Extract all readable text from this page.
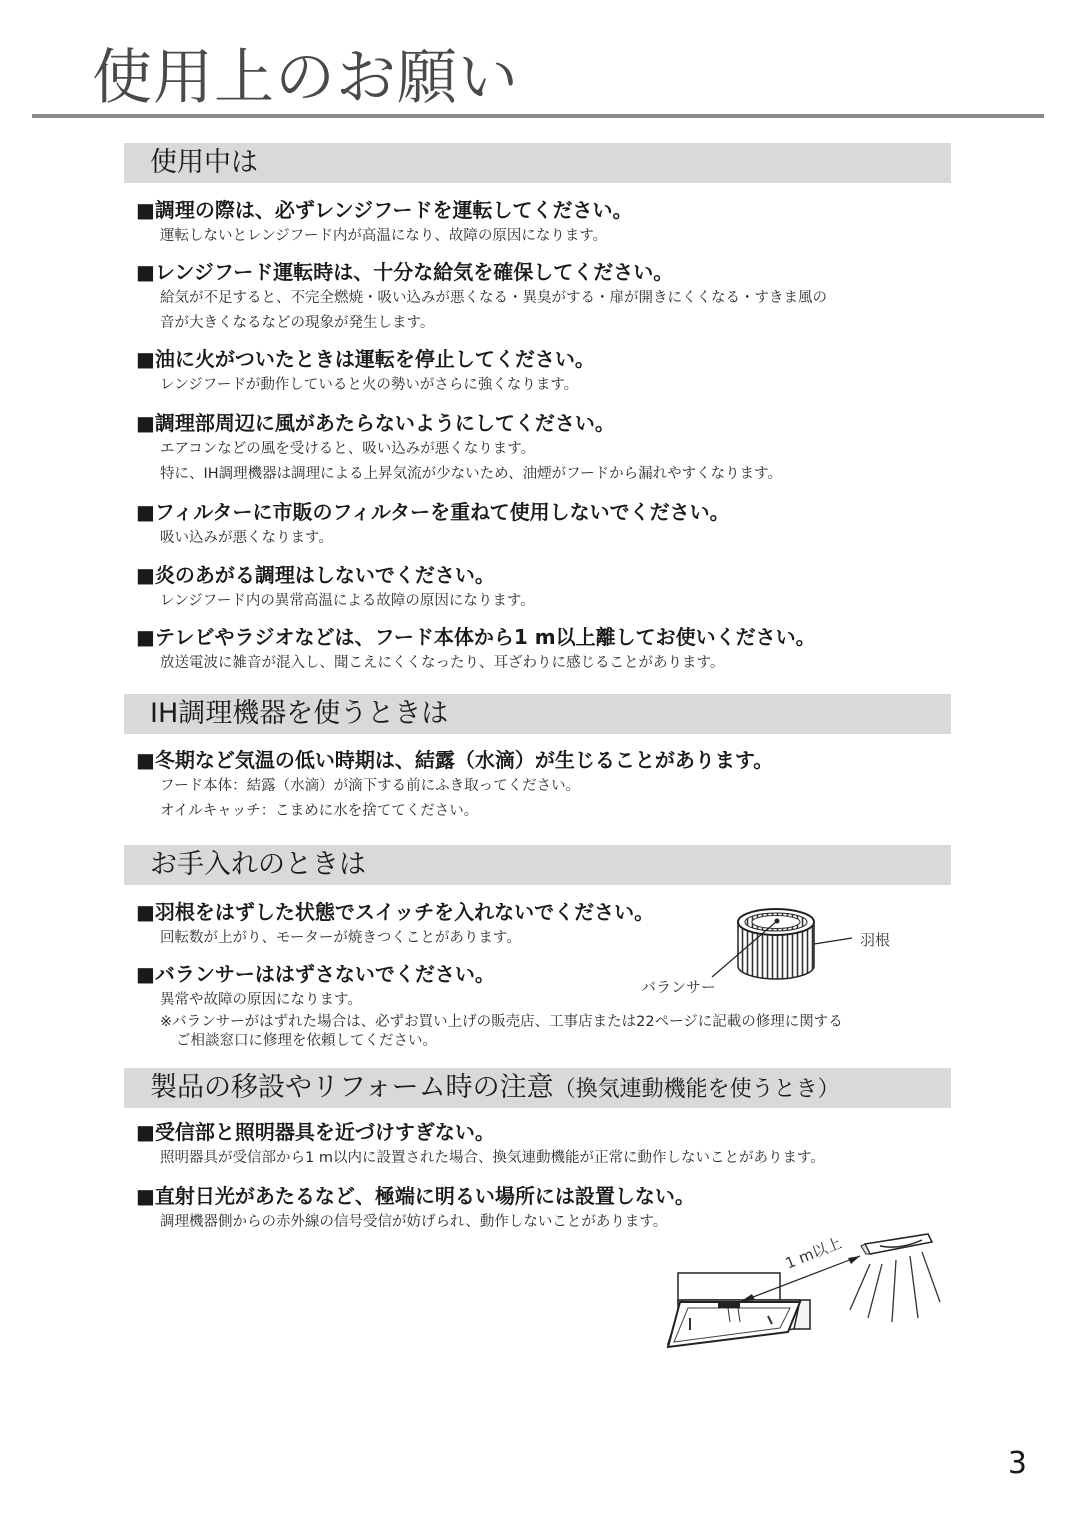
使用上のお願い
使用中は
■調理の際は、必ずレンジフードを運転してください。
運転しないとレンジフード内が高温になり、故障の原因になります。
■レンジフード運転時は、十分な給気を確保してください。
給気が不足すると、不完全燃焼・吸い込みが悪くなる・異臭がする・扉が開きにくくなる・すきま風の
音が大きくなるなどの現象が発生します。
■油に火がついたときは運転を停止してください。
レンジフードが動作していると火の勢いがさらに強くなります。
■調理部周辺に風があたらないようにしてください。
エアコンなどの風を受けると、吸い込みが悪くなります。
特に、IH調理機器は調理による上昇気流が少ないため、油煙がフードから漏れやすくなります。
■フィルターに市販のフィルターを重ねて使用しないでください。
吸い込みが悪くなります。
■炎のあがる調理はしないでください。
レンジフード内の異常高温による故障の原因になります。
■テレビやラジオなどは、フード本体から1 m以上離してお使いください。
放送電波に雑音が混入し、聞こえにくくなったり、耳ざわりに感じることがあります。
IH調理機器を使うときは
■冬期など気温の低い時期は、結露（水滴）が生じることがあります。
フード本体：結露（水滴）が滴下する前にふき取ってください。
オイルキャッチ：こまめに水を捨ててください。
お手入れのときは
■羽根をはずした状態でスイッチを入れないでください。
回転数が上がり、モーターが焼きつくことがあります。
■バランサーははずさないでください。
異常や故障の原因になります。
※バランサーがはずれた場合は、必ずお買い上げの販売店、工事店または22ページに記載の修理に関する
ご相談窓口に修理を依頼してください。
羽根
バランサー
製品の移設やリフォーム時の注意（換気連動機能を使うとき）
■受信部と照明器具を近づけすぎない。
照明器具が受信部から1 m以内に設置された場合、換気連動機能が正常に動作しないことがあります。
■直射日光があたるなど、極端に明るい場所には設置しない。
調理機器側からの赤外線の信号受信が妨げられ、動作しないことがあります。
1 m以上
3
